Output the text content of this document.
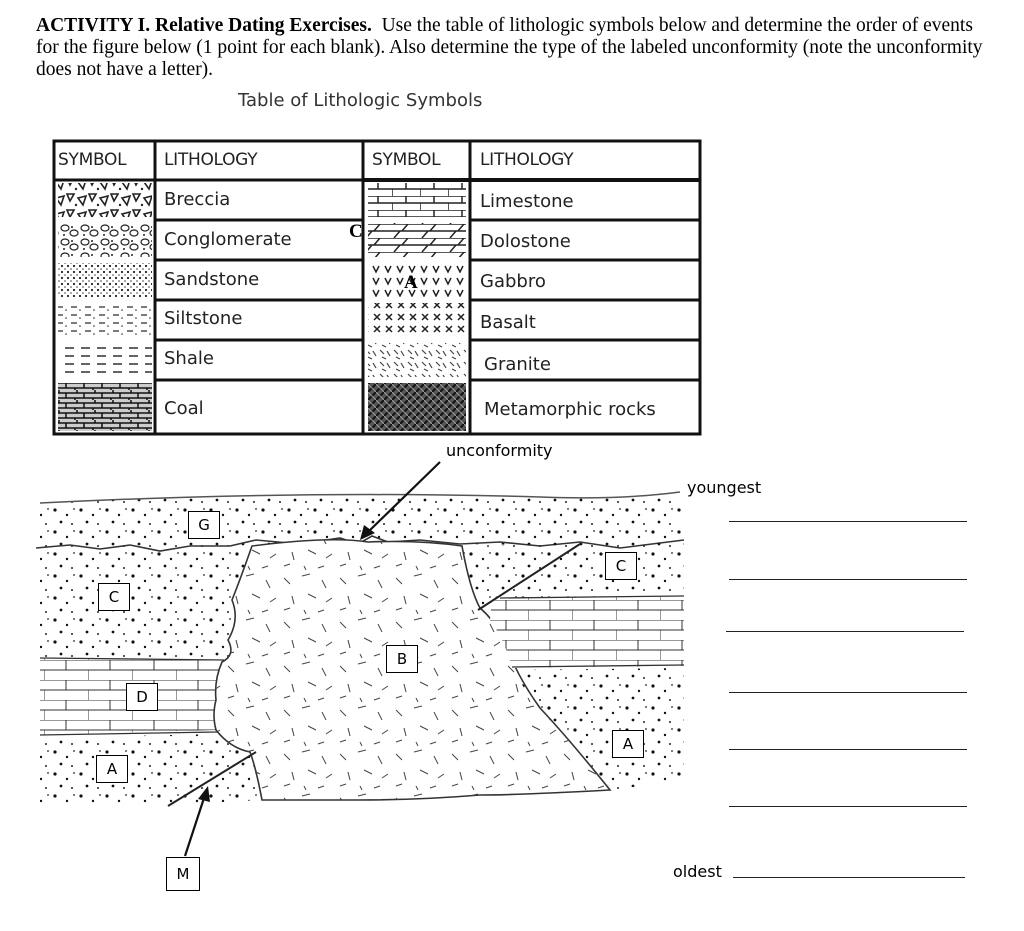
ACTIVITY I. Relative Dating Exercises. Use the table of lithologic symbols below and determine the order of events for the figure below (1 point for each blank). Also determine the type of the labeled unconformity (note the unconformity does not have a letter).

Table of Lithologic Symbols
SYMBOL LITHOLOGY	SYMBOL LITHOLOGY
Breccia
Conglomerate
Sandstone
Siltstone
Shale
Coal
Limestone
Dolostone
Gabbro
Basalt
Granite
Metamorphic rocks
C
A
unconformity
G
C
C
B
D
A
A
M
youngest
oldest
